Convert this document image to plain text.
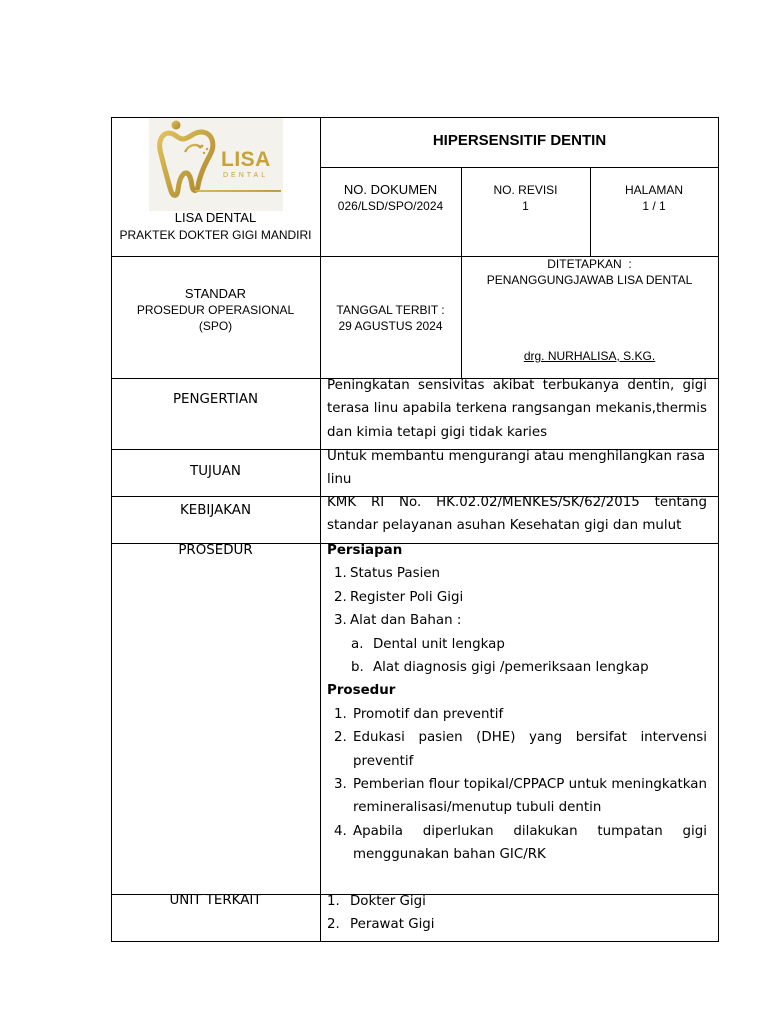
LISA
DENTAL
LISA DENTAL
PRAKTEK DOKTER GIGI MANDIRI
HIPERSENSITIF DENTIN
NO. DOKUMEN
026/LSD/SPO/2024
NO. REVISI
1
HALAMAN
1 / 1
STANDAR
PROSEDUR OPERASIONAL
(SPO)
TANGGAL TERBIT :
29 AGUSTUS 2024
DITETAPKAN  :
PENANGGUNGJAWAB LISA DENTAL
drg. NURHALISA, S.KG.
PENGERTIAN
Peningkatan sensivitas akibat terbukanya dentin, gigi terasa linu apabila terkena rangsangan mekanis,thermis dan kimia tetapi gigi tidak karies
TUJUAN
Untuk membantu mengurangi atau menghilangkan rasa linu
KEBIJAKAN
KMK RI No. HK.02.02/MENKES/SK/62/2015 tentang standar pelayanan asuhan Kesehatan gigi dan mulut
PROSEDUR	Persiapan
1. Status Pasien
2. Register Poli Gigi
3. Alat dan Bahan :
a. Dental unit lengkap
b. Alat diagnosis gigi /pemeriksaan lengkap
Prosedur
1. Promotif dan preventif
2. Edukasi pasien (DHE) yang bersifat intervensi preventif
3. Pemberian flour topikal/CPPACP untuk meningkatkan remineralisasi/menutup tubuli dentin
4. Apabila diperlukan dilakukan tumpatan gigi menggunakan bahan GIC/RK
UNIT TERKAIT	1. Dokter Gigi
2. Perawat Gigi
